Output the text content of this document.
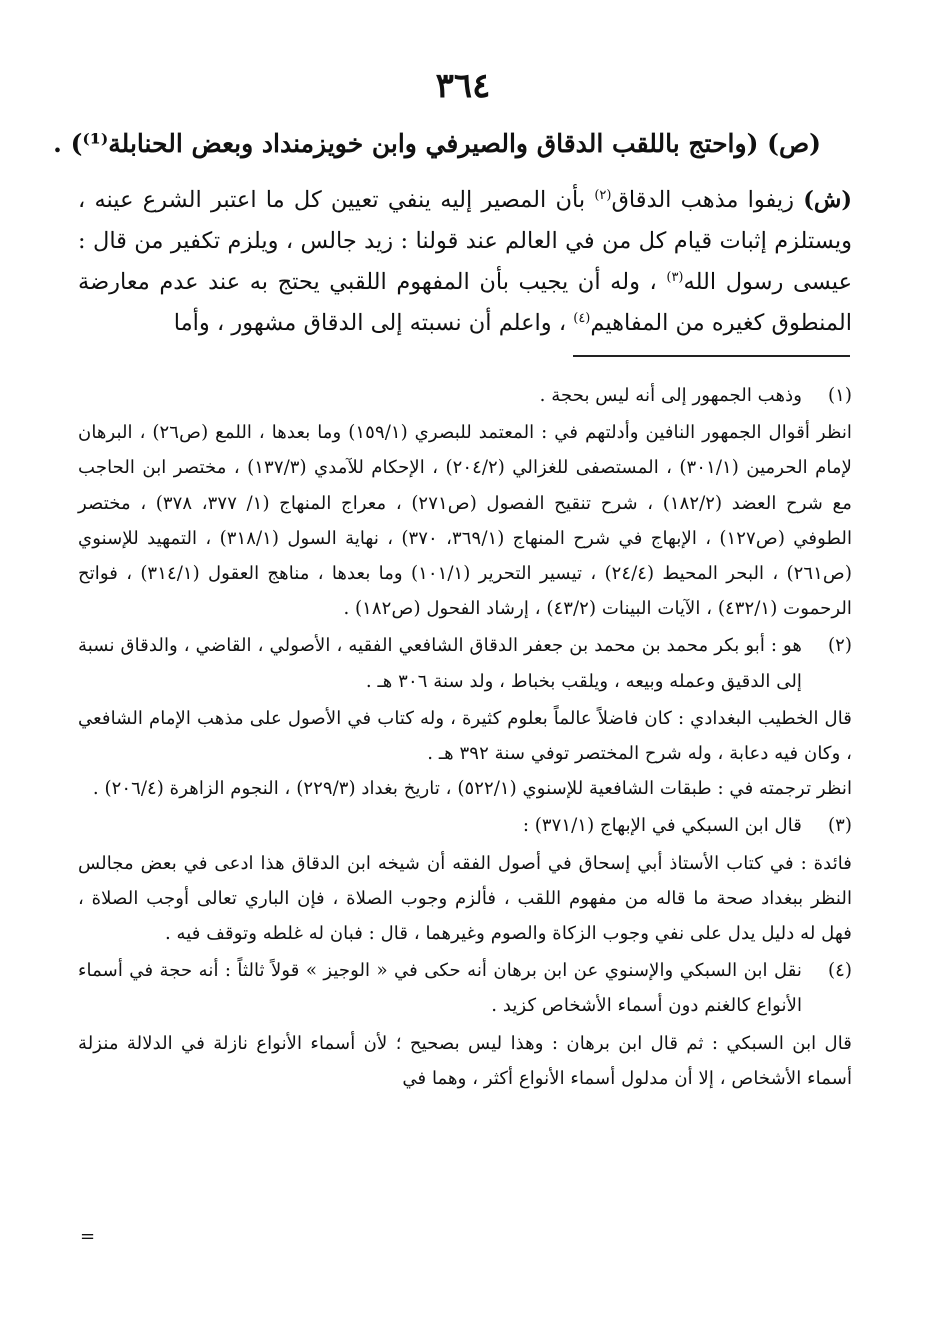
٣٦٤
(ص) (واحتج باللقب الدقاق والصيرفي وابن خويزمنداد وبعض الحنابلة⁽¹⁾) .
(ش) زيفوا مذهب الدقاق$^{(٢)}$ بأن المصير إليه ينفي تعيين كل ما اعتبر الشرع عينه ، ويستلزم إثبات قيام كل من في العالم عند قولنا : زيد جالس ، ويلزم تكفير من قال : عيسى رسول الله$^{(٣)}$ ، وله أن يجيب بأن المفهوم اللقبي يحتج به عند عدم معارضة المنطوق كغيره من المفاهيم$^{(٤)}$ ، واعلم أن نسبته إلى الدقاق مشهور ، وأما
(١)

وذهب الجمهور إلى أنه ليس بحجة .

انظر أقوال الجمهور النافين وأدلتهم في : المعتمد للبصري (١٥٩/١) وما بعدها ، اللمع (ص٢٦) ، البرهان لإمام الحرمين (٣٠١/١) ، المستصفى للغزالي (٢٠٤/٢) ، الإحكام للآمدي (١٣٧/٣) ، مختصر ابن الحاجب مع شرح العضد (١٨٢/٢) ، شرح تنقيح الفصول (ص٢٧١) ، معراج المنهاج (١/ ٣٧٧، ٣٧٨) ، مختصر الطوفي (ص١٢٧) ، الإبهاج في شرح المنهاج (٣٦٩/١، ٣٧٠) ، نهاية السول (٣١٨/١) ، التمهيد للإسنوي (ص٢٦١) ، البحر المحيط (٢٤/٤) ، تيسير التحرير (١٠١/١) وما بعدها ، مناهج العقول (٣١٤/١) ، فواتح الرحموت (٤٣٢/١) ، الآيات البينات (٤٣/٢) ، إرشاد الفحول (ص١٨٢) .

(٢)

هو : أبو بكر محمد بن محمد بن جعفر الدقاق الشافعي الفقيه ، الأصولي ، القاضي ، والدقاق نسبة إلى الدقيق وعمله وبيعه ، ويلقب بخباط ، ولد سنة ٣٠٦ هـ .

قال الخطيب البغدادي : كان فاضلاً عالماً بعلوم كثيرة ، وله كتاب في الأصول على مذهب الإمام الشافعي ، وكان فيه دعابة ، وله شرح المختصر توفي سنة ٣٩٢ هـ .

انظر ترجمته في : طبقات الشافعية للإسنوي (٥٢٢/١) ، تاريخ بغداد (٢٢٩/٣) ، النجوم الزاهرة (٢٠٦/٤) .

(٣)

قال ابن السبكي في الإبهاج (٣٧١/١) :

فائدة : في كتاب الأستاذ أبي إسحاق في أصول الفقه أن شيخه ابن الدقاق هذا ادعى في بعض مجالس النظر ببغداد صحة ما قاله من مفهوم اللقب ، فألزم وجوب الصلاة ، فإن الباري تعالى أوجب الصلاة ، فهل له دليل يدل على نفي وجوب الزكاة والصوم وغيرهما ، قال : فبان له غلطه وتوقف فيه .

(٤)

نقل ابن السبكي والإسنوي عن ابن برهان أنه حكى في « الوجيز » قولاً ثالثاً : أنه حجة في أسماء الأنواع كالغنم دون أسماء الأشخاص كزيد .

قال ابن السبكي : ثم قال ابن برهان : وهذا ليس بصحيح ؛ لأن أسماء الأنواع نازلة في الدلالة منزلة أسماء الأشخاص ، إلا أن مدلول أسماء الأنواع أكثر ، وهما في

=
